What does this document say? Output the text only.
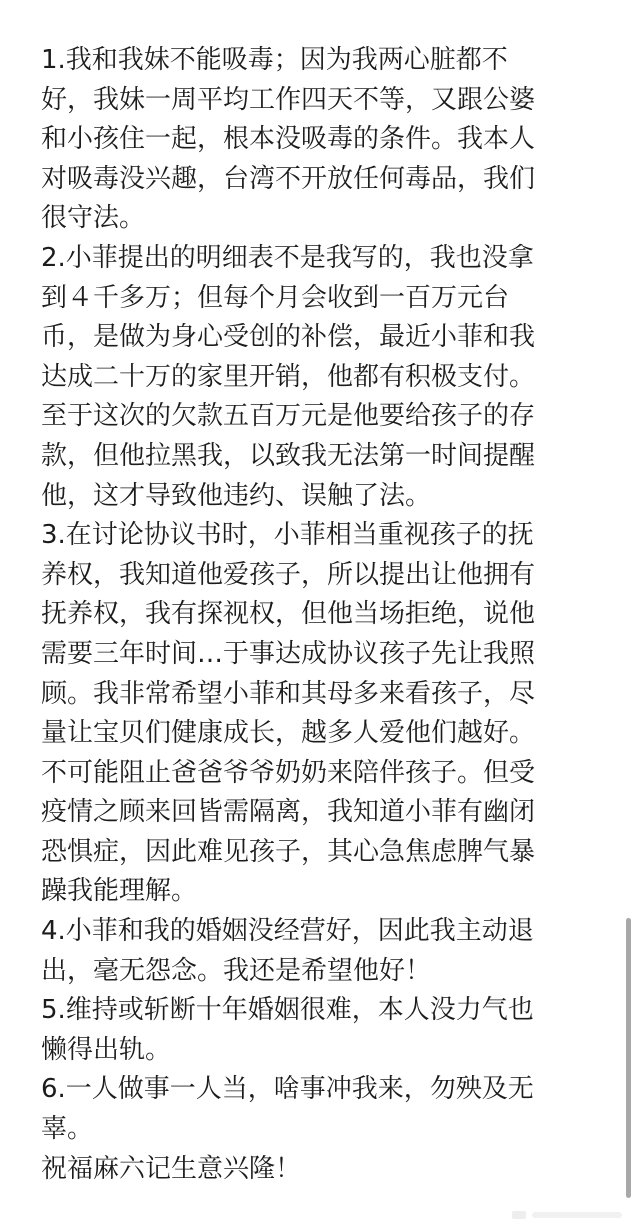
1.我和我妹不能吸毒；因为我两心脏都不
好，我妹一周平均工作四天不等，又跟公婆
和小孩住一起，根本没吸毒的条件。我本人
对吸毒没兴趣，台湾不开放任何毒品，我们
很守法。
2.小菲提出的明细表不是我写的，我也没拿
到４千多万；但每个月会收到一百万元台
币，是做为身心受创的补偿，最近小菲和我
达成二十万的家里开销，他都有积极支付。
至于这次的欠款五百万元是他要给孩子的存
款，但他拉黑我，以致我无法第一时间提醒
他，这才导致他违约、误触了法。
3.在讨论协议书时，小菲相当重视孩子的抚
养权，我知道他爱孩子，所以提出让他拥有
抚养权，我有探视权，但他当场拒绝，说他
需要三年时间…于事达成协议孩子先让我照
顾。我非常希望小菲和其母多来看孩子，尽
量让宝贝们健康成长，越多人爱他们越好。
不可能阻止爸爸爷爷奶奶来陪伴孩子。但受
疫情之顾来回皆需隔离，我知道小菲有幽闭
恐惧症，因此难见孩子，其心急焦虑脾气暴
躁我能理解。
4.小菲和我的婚姻没经营好，因此我主动退
出，毫无怨念。我还是希望他好！
5.维持或斩断十年婚姻很难，本人没力气也
懒得出轨。
6.一人做事一人当，啥事冲我来，勿殃及无
辜。
祝福麻六记生意兴隆！
